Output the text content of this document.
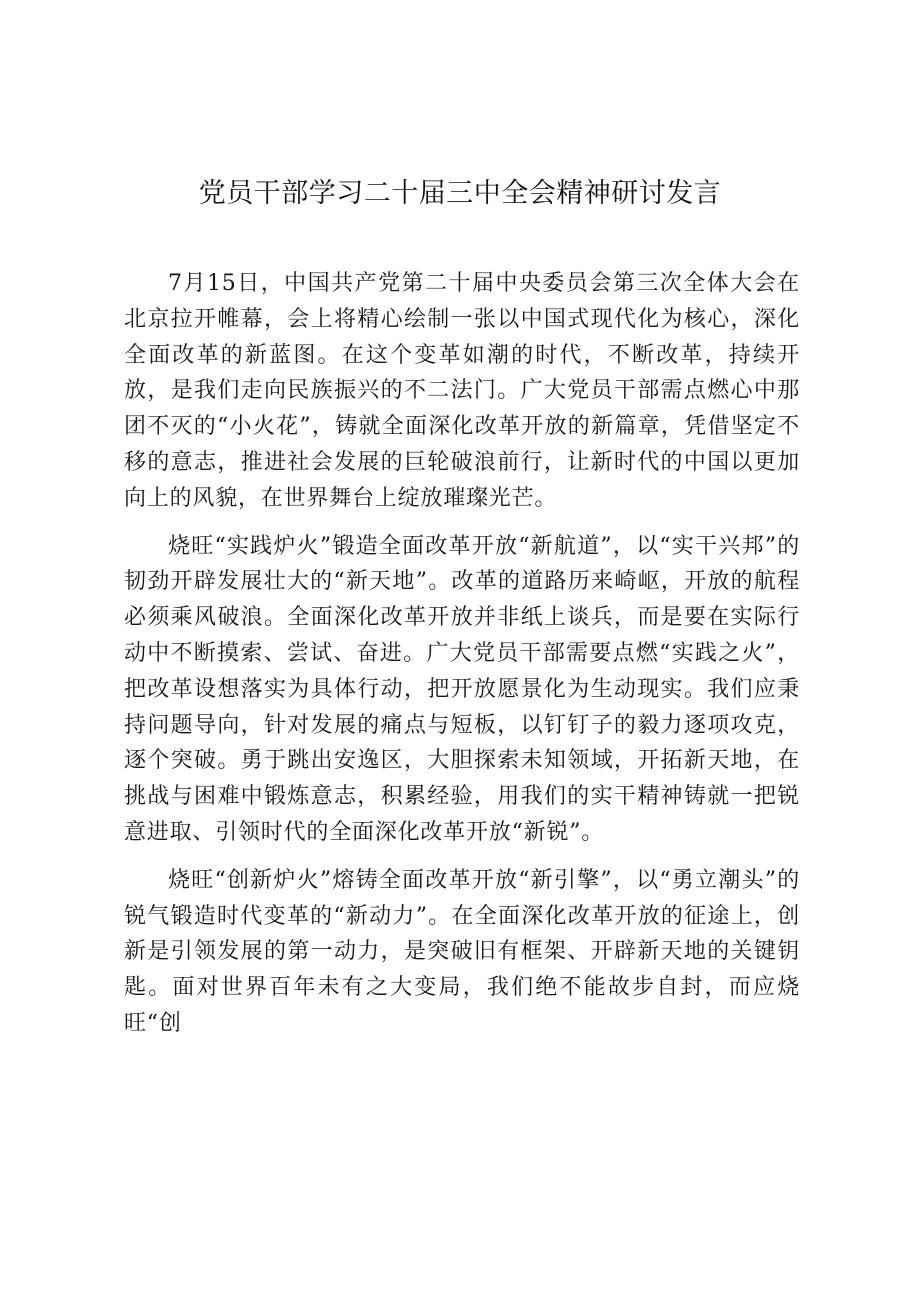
党员干部学习二十届三中全会精神研讨发言

7月15日，中国共产党第二十届中央委员会第三次全体大会在北京拉开帷幕，会上将精心绘制一张以中国式现代化为核心，深化全面改革的新蓝图。在这个变革如潮的时代，不断改革，持续开放，是我们走向民族振兴的不二法门。广大党员干部需点燃心中那团不灭的“小火花”，铸就全面深化改革开放的新篇章，凭借坚定不移的意志，推进社会发展的巨轮破浪前行，让新时代的中国以更加向上的风貌，在世界舞台上绽放璀璨光芒。

烧旺“实践炉火”锻造全面改革开放“新航道”，以“实干兴邦”的韧劲开辟发展壮大的“新天地”。改革的道路历来崎岖，开放的航程必须乘风破浪。全面深化改革开放并非纸上谈兵，而是要在实际行动中不断摸索、尝试、奋进。广大党员干部需要点燃“实践之火”，把改革设想落实为具体行动，把开放愿景化为生动现实。我们应秉持问题导向，针对发展的痛点与短板，以钉钉子的毅力逐项攻克，逐个突破。勇于跳出安逸区，大胆探索未知领域，开拓新天地，在挑战与困难中锻炼意志，积累经验，用我们的实干精神铸就一把锐意进取、引领时代的全面深化改革开放“新锐”。

烧旺“创新炉火”熔铸全面改革开放“新引擎”，以“勇立潮头”的锐气锻造时代变革的“新动力”。在全面深化改革开放的征途上，创新是引领发展的第一动力，是突破旧有框架、开辟新天地的关键钥匙。面对世界百年未有之大变局，我们绝不能故步自封，而应烧旺“创
